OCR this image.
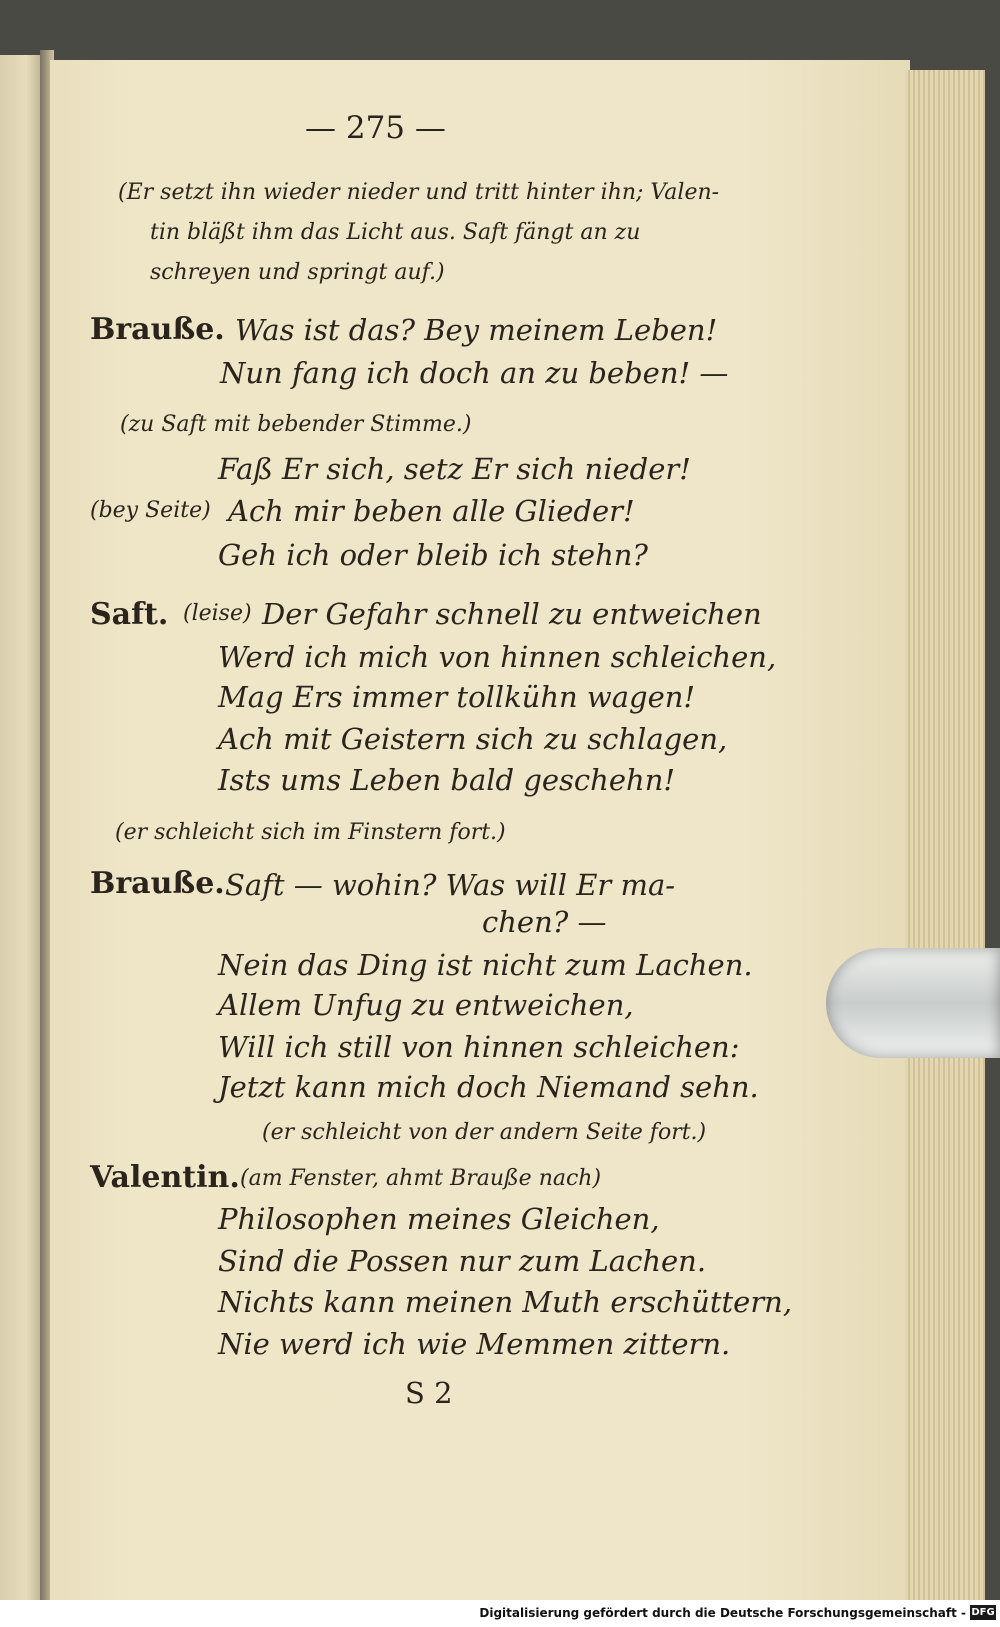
— 275 —
(Er setzt ihn wieder nieder und tritt hinter ihn; Valen-
tin bläßt ihm das Licht aus. Saft fängt an zu
schreyen und springt auf.)
Brauße. Was ist das? Bey meinem Leben!
Nun fang ich doch an zu beben! —
(zu Saft mit bebender Stimme.)
Faß Er sich, setz Er sich nieder!
(bey Seite) Ach mir beben alle Glieder!
Geh ich oder bleib ich stehn?
Saft. (leise) Der Gefahr schnell zu entweichen
Werd ich mich von hinnen schleichen,
Mag Ers immer tollkühn wagen!
Ach mit Geistern sich zu schlagen,
Ists ums Leben bald geschehn!
(er schleicht sich im Finstern fort.)
Brauße. Saft — wohin? Was will Er ma-
chen? —
Nein das Ding ist nicht zum Lachen.
Allem Unfug zu entweichen,
Will ich still von hinnen schleichen:
Jetzt kann mich doch Niemand sehn.
(er schleicht von der andern Seite fort.)
Valentin. (am Fenster, ahmt Brauße nach)
Philosophen meines Gleichen,
Sind die Possen nur zum Lachen.
Nichts kann meinen Muth erschüttern,
Nie werd ich wie Memmen zittern.
S 2
Digitalisierung gefördert durch die Deutsche Forschungsgemeinschaft - DFG
